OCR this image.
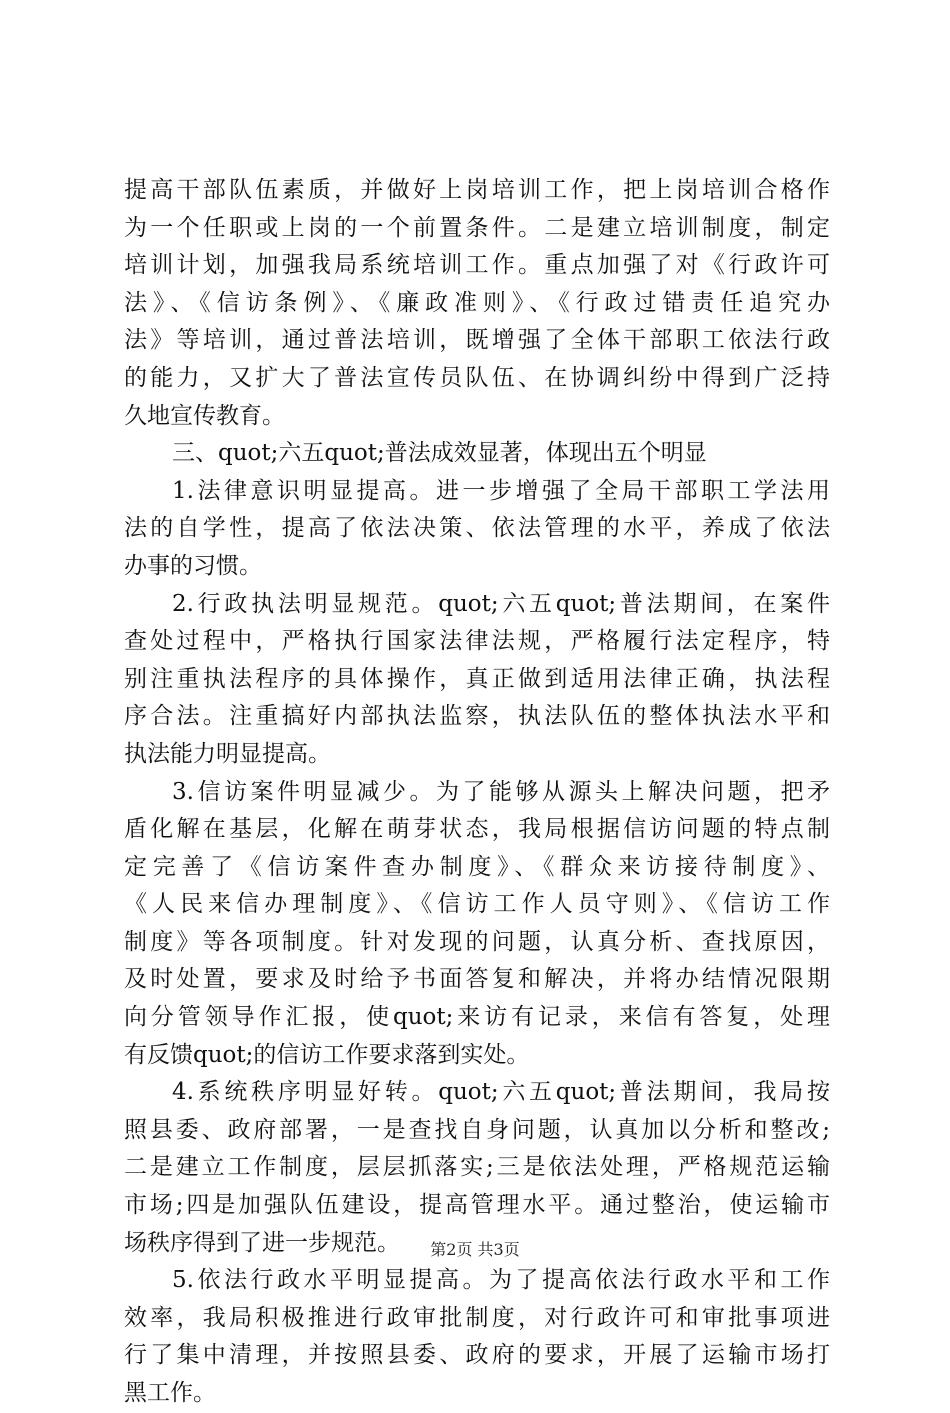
提高干部队伍素质，并做好上岗培训工作，把上岗培训合格作
为一个任职或上岗的一个前置条件。二是建立培训制度，制定
培训计划，加强我局系统培训工作。重点加强了对《行政许可
法》、《信访条例》、《廉政准则》、《行政过错责任追究办
法》等培训，通过普法培训，既增强了全体干部职工依法行政
的能力，又扩大了普法宣传员队伍、在协调纠纷中得到广泛持
久地宣传教育。
三、quot;六五quot;普法成效显著，体现出五个明显
1.法律意识明显提高。进一步增强了全局干部职工学法用
法的自学性，提高了依法决策、依法管理的水平，养成了依法
办事的习惯。
2.行政执法明显规范。quot;六五quot;普法期间，在案件
查处过程中，严格执行国家法律法规，严格履行法定程序，特
别注重执法程序的具体操作，真正做到适用法律正确，执法程
序合法。注重搞好内部执法监察，执法队伍的整体执法水平和
执法能力明显提高。
3.信访案件明显减少。为了能够从源头上解决问题，把矛
盾化解在基层，化解在萌芽状态，我局根据信访问题的特点制
定完善了《信访案件查办制度》、《群众来访接待制度》、
《人民来信办理制度》、《信访工作人员守则》、《信访工作
制度》等各项制度。针对发现的问题，认真分析、查找原因，
及时处置，要求及时给予书面答复和解决，并将办结情况限期
向分管领导作汇报，使quot;来访有记录，来信有答复，处理
有反馈quot;的信访工作要求落到实处。
4.系统秩序明显好转。quot;六五quot;普法期间，我局按
照县委、政府部署，一是查找自身问题，认真加以分析和整改;
二是建立工作制度，层层抓落实;三是依法处理，严格规范运输
市场;四是加强队伍建设，提高管理水平。通过整治，使运输市
场秩序得到了进一步规范。
5.依法行政水平明显提高。为了提高依法行政水平和工作
效率，我局积极推进行政审批制度，对行政许可和审批事项进
行了集中清理，并按照县委、政府的要求，开展了运输市场打
黑工作。
第2页 共3页
